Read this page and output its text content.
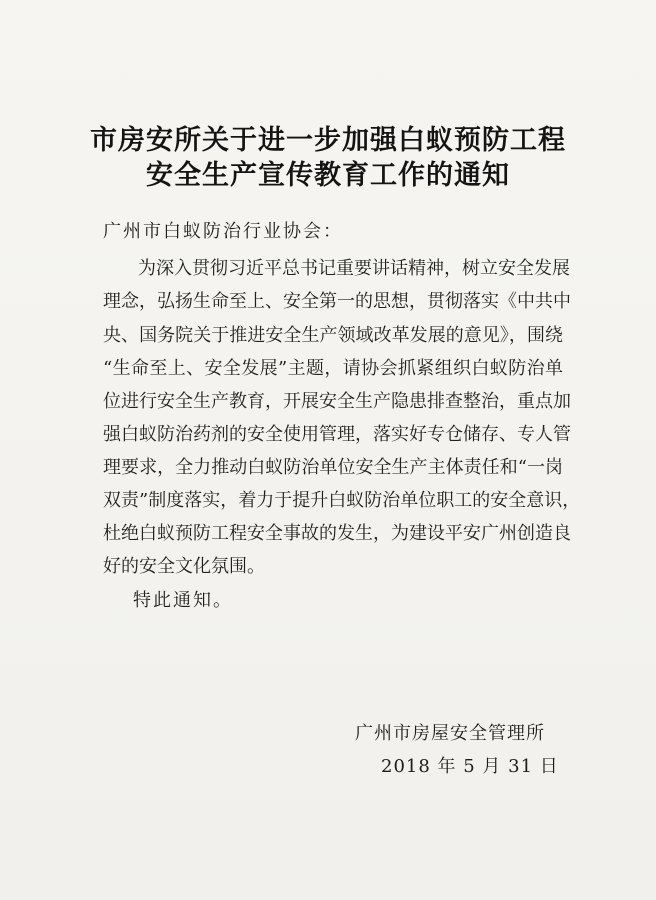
市房安所关于进一步加强白蚁预防工程
安全生产宣传教育工作的通知
广州市白蚁防治行业协会：
为深入贯彻习近平总书记重要讲话精神，树立安全发展
理念，弘扬生命至上、安全第一的思想，贯彻落实《中共中
央、国务院关于推进安全生产领域改革发展的意见》，围绕
“生命至上、安全发展”主题，请协会抓紧组织白蚁防治单
位进行安全生产教育，开展安全生产隐患排查整治，重点加
强白蚁防治药剂的安全使用管理，落实好专仓储存、专人管
理要求，全力推动白蚁防治单位安全生产主体责任和“一岗
双责”制度落实，着力于提升白蚁防治单位职工的安全意识，
杜绝白蚁预防工程安全事故的发生，为建设平安广州创造良
好的安全文化氛围。
特此通知。
广州市房屋安全管理所
2018 年 5 月 31 日
